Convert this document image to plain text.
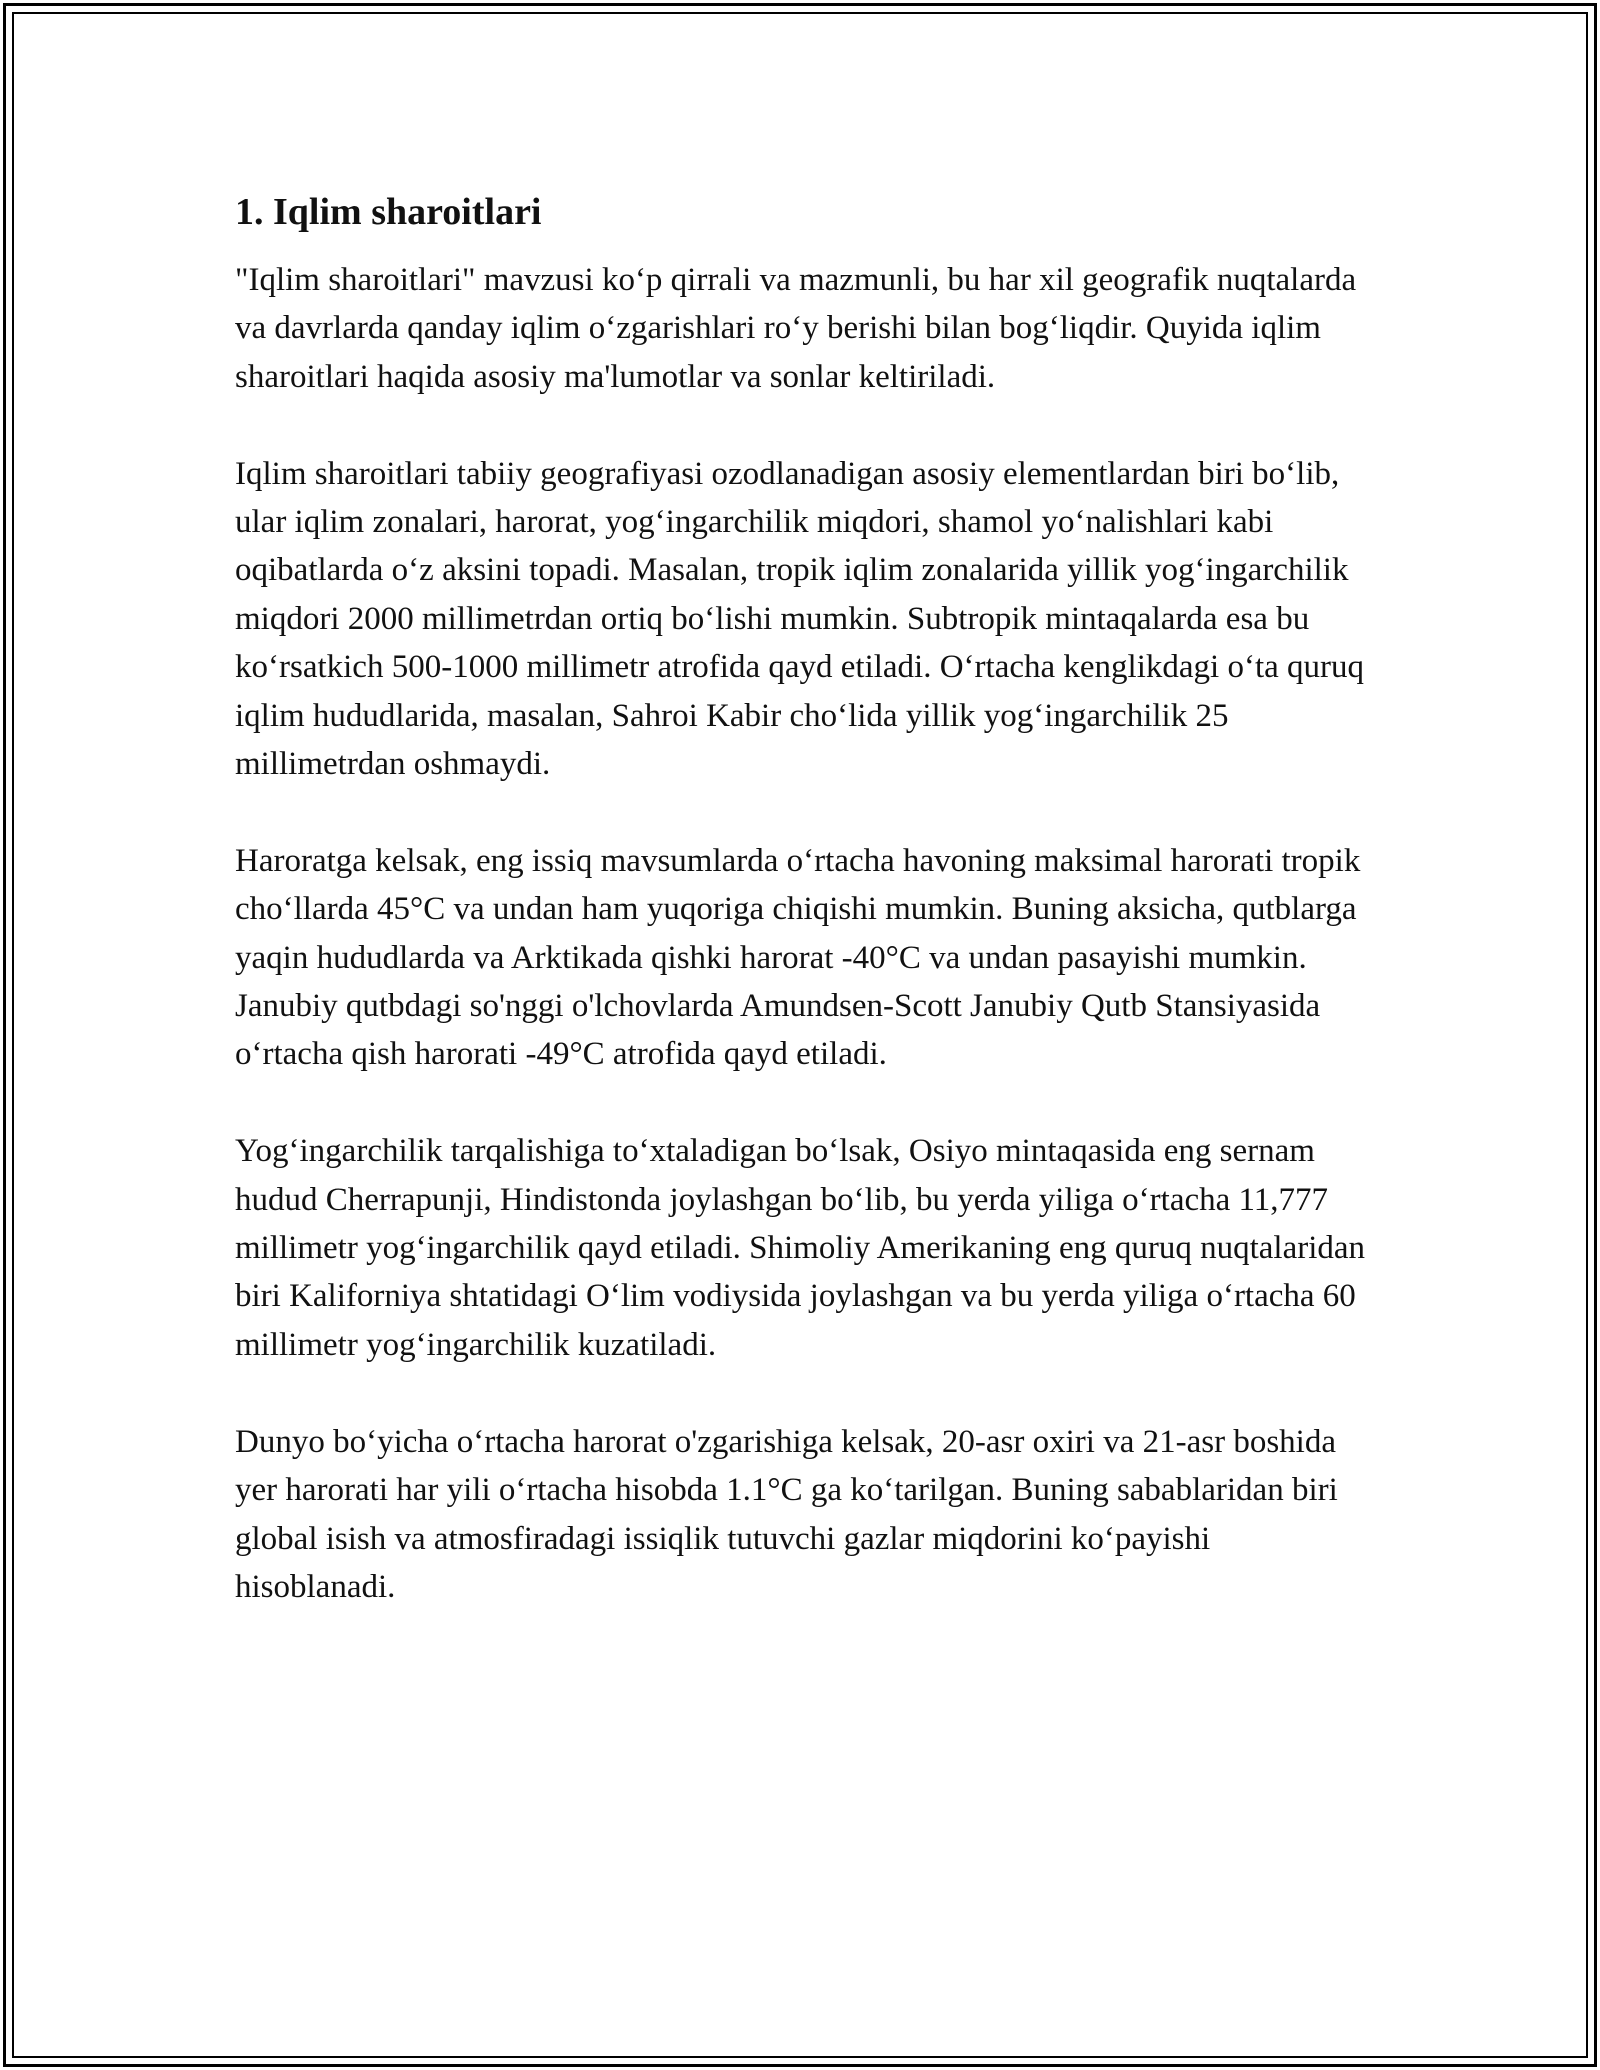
1. Iqlim sharoitlari

"Iqlim sharoitlari" mavzusi ko‘p qirrali va mazmunli, bu har xil geografik nuqtalarda va davrlarda qanday iqlim o‘zgarishlari ro‘y berishi bilan bog‘liqdir. Quyida iqlim sharoitlari haqida asosiy ma'lumotlar va sonlar keltiriladi.

Iqlim sharoitlari tabiiy geografiyasi ozodlanadigan asosiy elementlardan biri bo‘lib, ular iqlim zonalari, harorat, yog‘ingarchilik miqdori, shamol yo‘nalishlari kabi oqibatlarda o‘z aksini topadi. Masalan, tropik iqlim zonalarida yillik yog‘ingarchilik miqdori 2000 millimetrdan ortiq bo‘lishi mumkin. Subtropik mintaqalarda esa bu ko‘rsatkich 500-1000 millimetr atrofida qayd etiladi. O‘rtacha kenglikdagi o‘ta quruq iqlim hududlarida, masalan, Sahroi Kabir cho‘lida yillik yog‘ingarchilik 25 millimetrdan oshmaydi.

Haroratga kelsak, eng issiq mavsumlarda o‘rtacha havoning maksimal harorati tropik cho‘llarda 45°C va undan ham yuqoriga chiqishi mumkin. Buning aksicha, qutblarga yaqin hududlarda va Arktikada qishki harorat -40°C va undan pasayishi mumkin. Janubiy qutbdagi so'nggi o'lchovlarda Amundsen-Scott Janubiy Qutb Stansiyasida o‘rtacha qish harorati -49°C atrofida qayd etiladi.

Yog‘ingarchilik tarqalishiga to‘xtaladigan bo‘lsak, Osiyo mintaqasida eng sernam hudud Cherrapunji, Hindistonda joylashgan bo‘lib, bu yerda yiliga o‘rtacha 11,777 millimetr yog‘ingarchilik qayd etiladi. Shimoliy Amerikaning eng quruq nuqtalaridan biri Kaliforniya shtatidagi O‘lim vodiysida joylashgan va bu yerda yiliga o‘rtacha 60 millimetr yog‘ingarchilik kuzatiladi.

Dunyo bo‘yicha o‘rtacha harorat o'zgarishiga kelsak, 20-asr oxiri va 21-asr boshida yer harorati har yili o‘rtacha hisobda 1.1°C ga ko‘tarilgan. Buning sabablaridan biri global isish va atmosfiradagi issiqlik tutuvchi gazlar miqdorini ko‘payishi hisoblanadi.
